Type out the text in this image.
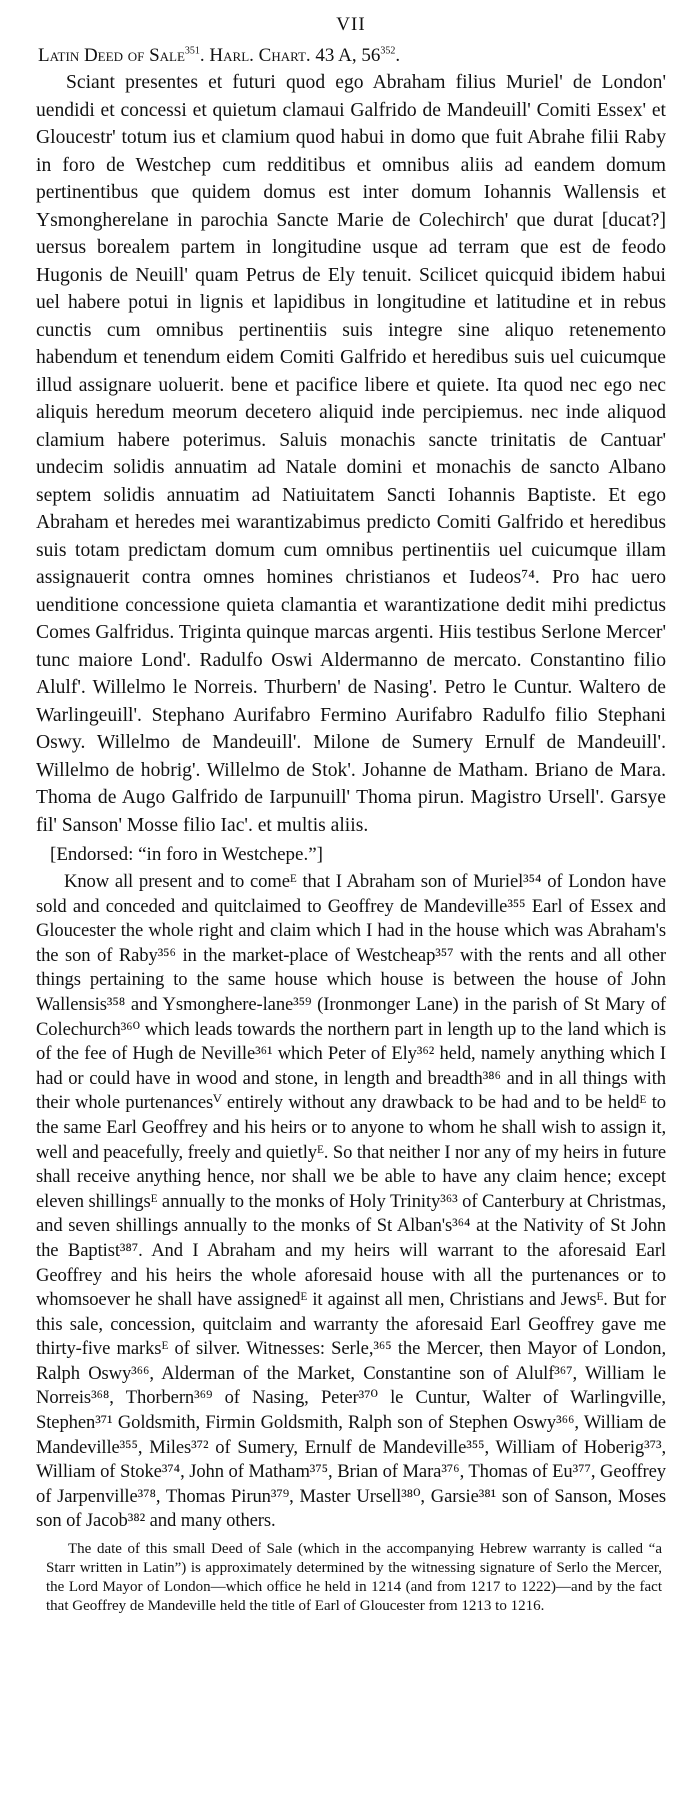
VII
Latin Deed of Sale$^{351}$. Harl. Chart. 43 A, $56^{352}$.

Sciant presentes et futuri quod ego Abraham filius Muriel' de London' uendidi et concessi et quietum clamaui Galfrido de Mandeuill' Comiti Essex' et Gloucestr' totum ius et clamium quod habui in domo que fuit Abrahe filii Raby in foro de Westchep cum redditibus et omnibus aliis ad eandem domum pertinentibus que quidem domus est inter domum Iohannis Wallensis et Ysmongherelane in parochia Sancte Marie de Colechirch' que durat [ducat?] uersus borealem partem in longitudine usque ad terram que est de feodo Hugonis de Neuill' quam Petrus de Ely tenuit. Scilicet quicquid ibidem habui uel habere potui in lignis et lapidibus in longitudine et latitudine et in rebus cunctis cum omnibus pertinentiis suis integre sine aliquo retenemento habendum et tenendum eidem Comiti Galfrido et heredibus suis uel cuicumque illud assignare uoluerit. bene et pacifice libere et quiete. Ita quod nec ego nec aliquis heredum meorum decetero aliquid inde percipiemus. nec inde aliquod clamium habere poterimus. Saluis monachis sancte trinitatis de Cantuar' undecim solidis annuatim ad Natale domini et monachis de sancto Albano septem solidis annuatim ad Natiuitatem Sancti Iohannis Baptiste. Et ego Abraham et heredes mei warantizabimus predicto Comiti Galfrido et heredibus suis totam predictam domum cum omnibus pertinentiis uel cuicumque illam assignauerit contra omnes homines christianos et Iudeos⁷⁴. Pro hac uero uenditione concessione quieta clamantia et warantizatione dedit mihi predictus Comes Galfridus. Triginta quinque marcas argenti. Hiis testibus Serlone Mercer' tunc maiore Lond'. Radulfo Oswi Aldermanno de mercato. Constantino filio Alulf'. Willelmo le Norreis. Thurbern' de Nasing'. Petro le Cuntur. Waltero de Warlingeuill'. Stephano Aurifabro Fermino Aurifabro Radulfo filio Stephani Oswy. Willelmo de Mandeuill'. Milone de Sumery Ernulf de Mandeuill'. Willelmo de hobrig'. Willelmo de Stok'. Johanne de Matham. Briano de Mara. Thoma de Augo Galfrido de Iarpunuill' Thoma pirun. Magistro Ursell'. Garsye fil' Sanson' Mosse filio Iac'. et multis aliis.

[Endorsed: “in foro in Westchepe.”]

Know all present and to comeᴱ that I Abraham son of Muriel³⁵⁴ of London have sold and conceded and quitclaimed to Geoffrey de Mandeville³⁵⁵ Earl of Essex and Gloucester the whole right and claim which I had in the house which was Abraham's the son of Raby³⁵⁶ in the market-place of Westcheap³⁵⁷ with the rents and all other things pertaining to the same house which house is between the house of John Wallensis³⁵⁸ and Ysmonghere-lane³⁵⁹ (Ironmonger Lane) in the parish of St Mary of Colechurch³⁶⁰ which leads towards the northern part in length up to the land which is of the fee of Hugh de Neville³⁶¹ which Peter of Ely³⁶² held, namely anything which I had or could have in wood and stone, in length and breadth³⁸⁶ and in all things with their whole purtenancesⱽ entirely without any drawback to be had and to be heldᴱ to the same Earl Geoffrey and his heirs or to anyone to whom he shall wish to assign it, well and peacefully, freely and quietlyᴱ. So that neither I nor any of my heirs in future shall receive anything hence, nor shall we be able to have any claim hence; except eleven shillingsᴱ annually to the monks of Holy Trinity³⁶³ of Canterbury at Christmas, and seven shillings annually to the monks of St Alban's³⁶⁴ at the Nativity of St John the Baptist³⁸⁷. And I Abraham and my heirs will warrant to the aforesaid Earl Geoffrey and his heirs the whole aforesaid house with all the purtenances or to whomsoever he shall have assignedᴱ it against all men, Christians and Jewsᴱ. But for this sale, concession, quitclaim and warranty the aforesaid Earl Geoffrey gave me thirty-five marksᴱ of silver. Witnesses: Serle,³⁶⁵ the Mercer, then Mayor of London, Ralph Oswy³⁶⁶, Alderman of the Market, Constantine son of Alulf³⁶⁷, William le Norreis³⁶⁸, Thorbern³⁶⁹ of Nasing, Peter³⁷⁰ le Cuntur, Walter of Warlingville, Stephen³⁷¹ Goldsmith, Firmin Goldsmith, Ralph son of Stephen Oswy³⁶⁶, William de Mandeville³⁵⁵, Miles³⁷² of Sumery, Ernulf de Mandeville³⁵⁵, William of Hoberig³⁷³, William of Stoke³⁷⁴, John of Matham³⁷⁵, Brian of Mara³⁷⁶, Thomas of Eu³⁷⁷, Geoffrey of Jarpenville³⁷⁸, Thomas Pirun³⁷⁹, Master Ursell³⁸⁰, Garsie³⁸¹ son of Sanson, Moses son of Jacob³⁸² and many others.

The date of this small Deed of Sale (which in the accompanying Hebrew warranty is called “a Starr written in Latin”) is approximately determined by the witnessing signature of Serlo the Mercer, the Lord Mayor of London—which office he held in 1214 (and from 1217 to 1222)—and by the fact that Geoffrey de Mandeville held the title of Earl of Gloucester from 1213 to 1216.
